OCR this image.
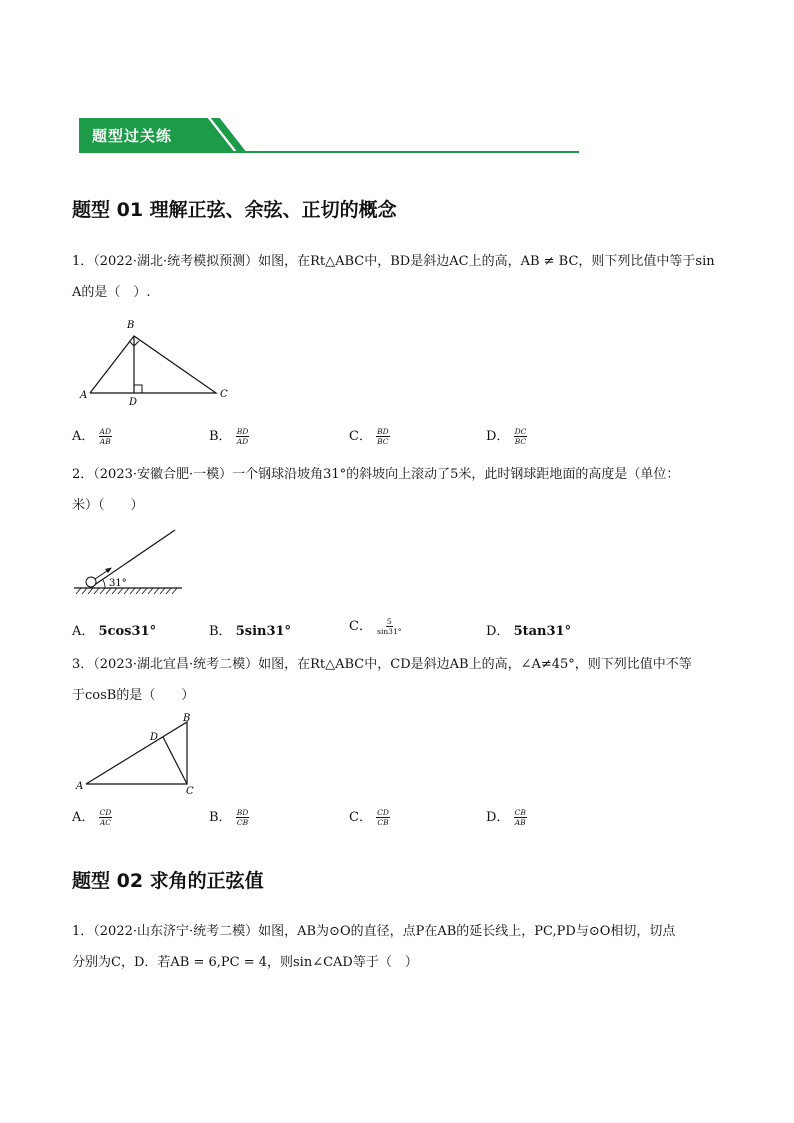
题型过关练
题型 01 理解正弦、余弦、正切的概念
1．（2022·湖北·统考模拟预测）如图，在Rt△ABC中，BD是斜边AC上的高，AB ≠ BC，则下列比值中等于sin
A的是（　）.
B
A
D
C
A． $\frac{AD}{AB}$	B． $\frac{BD}{AD}$	C． $\frac{BD}{BC}$	D． $\frac{DC}{BC}$
2．（2023·安徽合肥·一模）一个钢球沿坡角31°的斜坡向上滚动了5米，此时钢球距地面的高度是（单位：
米）（　　）
31°
A． 5cos31°	B． 5sin31°	C． $\frac{5}{\sin 31^\circ}$	D． 5tan31°
3．（2023·湖北宜昌·统考二模）如图，在Rt△ABC中，CD是斜边AB上的高，∠A≠45°，则下列比值中不等
于cosB的是（　　）
B
D
A	C
A． $\frac{CD}{AC}$	B． $\frac{BD}{CB}$	C． $\frac{CD}{CB}$	D． $\frac{CB}{AB}$
题型 02 求角的正弦值
1．（2022·山东济宁·统考二模）如图，AB为⊙O的直径，点P在AB的延长线上，PC,PD与⊙O相切，切点
分别为C，D．若AB = 6,PC = 4，则sin∠CAD等于（　）
